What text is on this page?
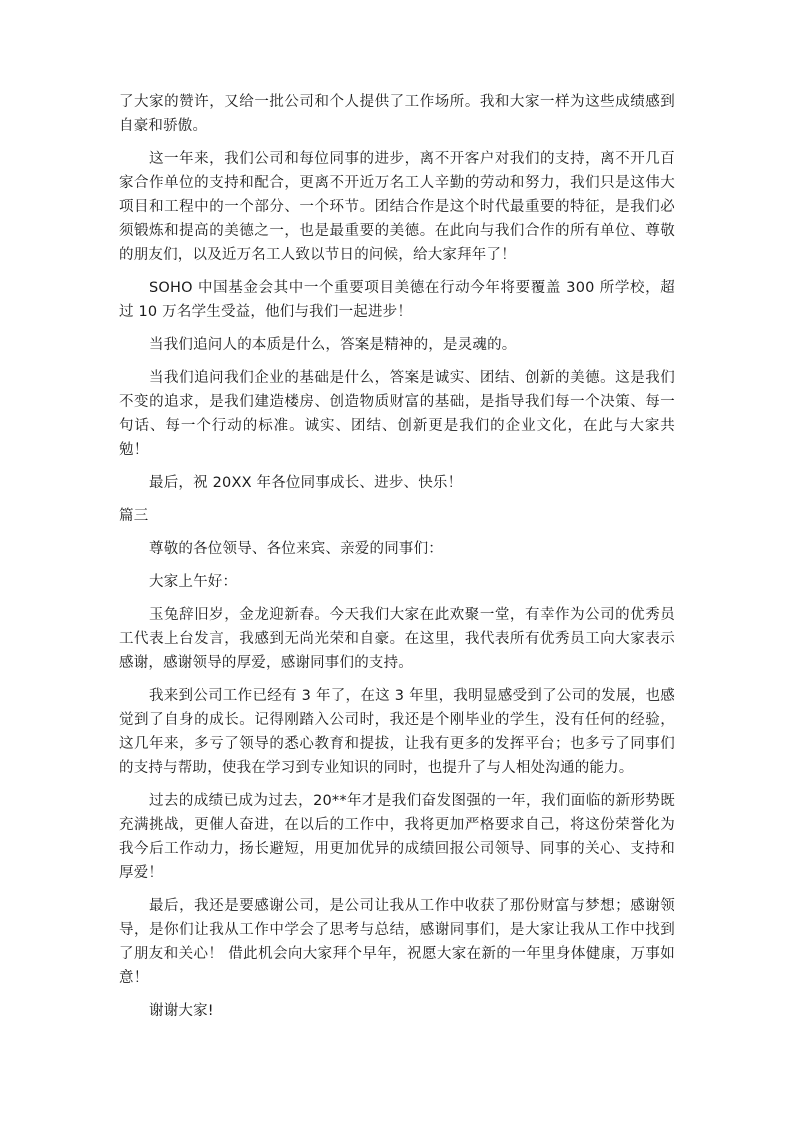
了大家的赞许，又给一批公司和个人提供了工作场所。我和大家一样为这些成绩感到自豪和骄傲。

这一年来，我们公司和每位同事的进步，离不开客户对我们的支持，离不开几百家合作单位的支持和配合，更离不开近万名工人辛勤的劳动和努力，我们只是这伟大项目和工程中的一个部分、一个环节。团结合作是这个时代最重要的特征，是我们必须锻炼和提高的美德之一，也是最重要的美德。在此向与我们合作的所有单位、尊敬的朋友们，以及近万名工人致以节日的问候，给大家拜年了！

SOHO 中国基金会其中一个重要项目美德在行动今年将要覆盖 300 所学校，超过 10 万名学生受益，他们与我们一起进步！

当我们追问人的本质是什么，答案是精神的，是灵魂的。

当我们追问我们企业的基础是什么，答案是诚实、团结、创新的美德。这是我们不变的追求，是我们建造楼房、创造物质财富的基础，是指导我们每一个决策、每一句话、每一个行动的标准。诚实、团结、创新更是我们的企业文化，在此与大家共勉！

最后，祝 20XX 年各位同事成长、进步、快乐！

篇三

尊敬的各位领导、各位来宾、亲爱的同事们：

大家上午好：

玉兔辞旧岁，金龙迎新春。今天我们大家在此欢聚一堂，有幸作为公司的优秀员工代表上台发言，我感到无尚光荣和自豪。在这里，我代表所有优秀员工向大家表示感谢，感谢领导的厚爱，感谢同事们的支持。

我来到公司工作已经有 3 年了，在这 3 年里，我明显感受到了公司的发展，也感觉到了自身的成长。记得刚踏入公司时，我还是个刚毕业的学生，没有任何的经验，这几年来，多亏了领导的悉心教育和提拔，让我有更多的发挥平台；也多亏了同事们的支持与帮助，使我在学习到专业知识的同时，也提升了与人相处沟通的能力。

过去的成绩已成为过去，20**年才是我们奋发图强的一年，我们面临的新形势既充满挑战，更催人奋进，在以后的工作中，我将更加严格要求自己，将这份荣誉化为我今后工作动力，扬长避短，用更加优异的成绩回报公司领导、同事的关心、支持和厚爱！

最后，我还是要感谢公司，是公司让我从工作中收获了那份财富与梦想；感谢领导，是你们让我从工作中学会了思考与总结，感谢同事们，是大家让我从工作中找到了朋友和关心！ 借此机会向大家拜个早年，祝愿大家在新的一年里身体健康，万事如意！

谢谢大家!
